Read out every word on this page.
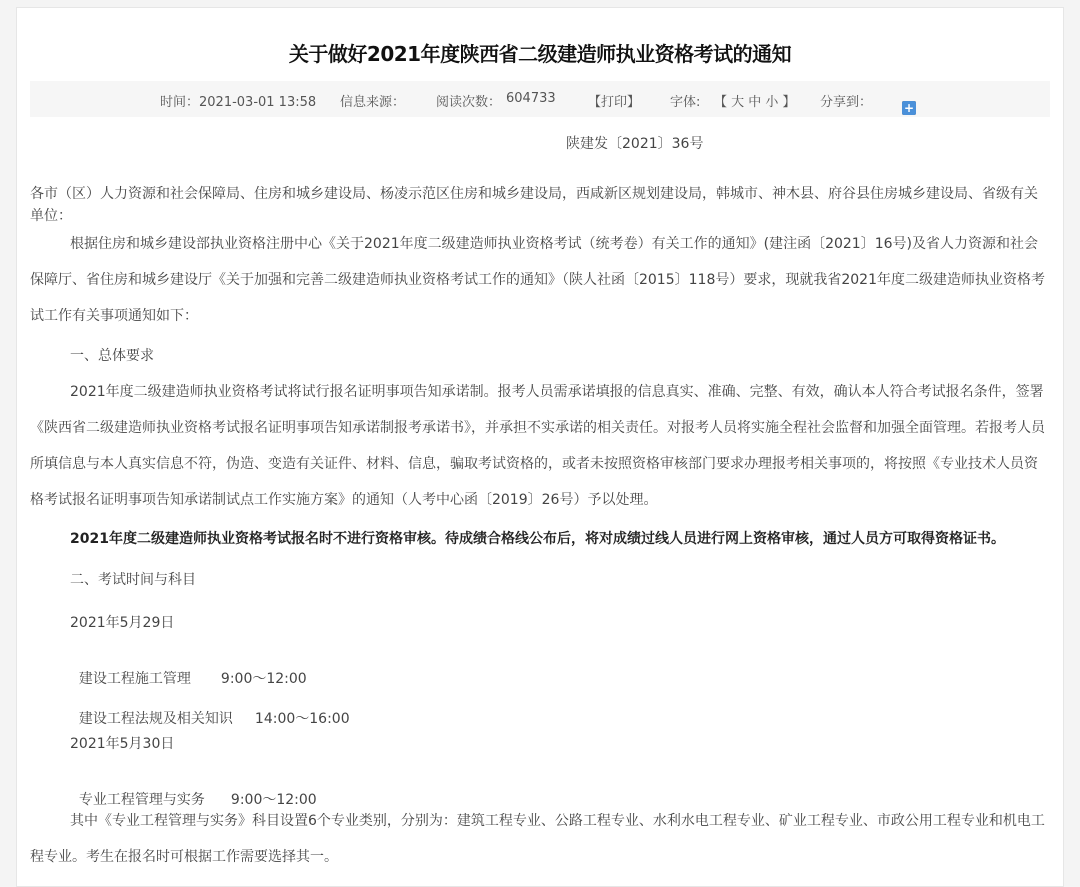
关于做好2021年度陕西省二级建造师执业资格考试的通知
时间：2021-03-01 13:58 信息来源： 阅读次数： 604733 【打印】 字体: 【 大 中 小 】 分享到：	+
陕建发〔2021〕36号
各市（区）人力资源和社会保障局、住房和城乡建设局、杨凌示范区住房和城乡建设局，西咸新区规划建设局，韩城市、神木县、府谷县住房城乡建设局、省级有关单位：
根据住房和城乡建设部执业资格注册中心《关于2021年度二级建造师执业资格考试（统考卷）有关工作的通知》(建注函〔2021〕16号)及省人力资源和社会保障厅、省住房和城乡建设厅《关于加强和完善二级建造师执业资格考试工作的通知》（陕人社函〔2015〕118号）要求，现就我省2021年度二级建造师执业资格考试工作有关事项通知如下：
一、总体要求
2021年度二级建造师执业资格考试将试行报名证明事项告知承诺制。报考人员需承诺填报的信息真实、准确、完整、有效，确认本人符合考试报名条件，签署《陕西省二级建造师执业资格考试报名证明事项告知承诺制报考承诺书》，并承担不实承诺的相关责任。对报考人员将实施全程社会监督和加强全面管理。若报考人员所填信息与本人真实信息不符，伪造、变造有关证件、材料、信息，骗取考试资格的，或者未按照资格审核部门要求办理报考相关事项的，将按照《专业技术人员资格考试报名证明事项告知承诺制试点工作实施方案》的通知（人考中心函〔2019〕26号）予以处理。
2021年度二级建造师执业资格考试报名时不进行资格审核。待成绩合格线公布后，将对成绩过线人员进行网上资格审核，通过人员方可取得资格证书。
二、考试时间与科目
2021年5月29日

建设工程施工管理 9:00～12:00

建设工程法规及相关知识 14:00～16:00

2021年5月30日

专业工程管理与实务 9:00～12:00

其中《专业工程管理与实务》科目设置6个专业类别，分别为：建筑工程专业、公路工程专业、水利水电工程专业、矿业工程专业、市政公用工程专业和机电工程专业。考生在报名时可根据工作需要选择其一。
